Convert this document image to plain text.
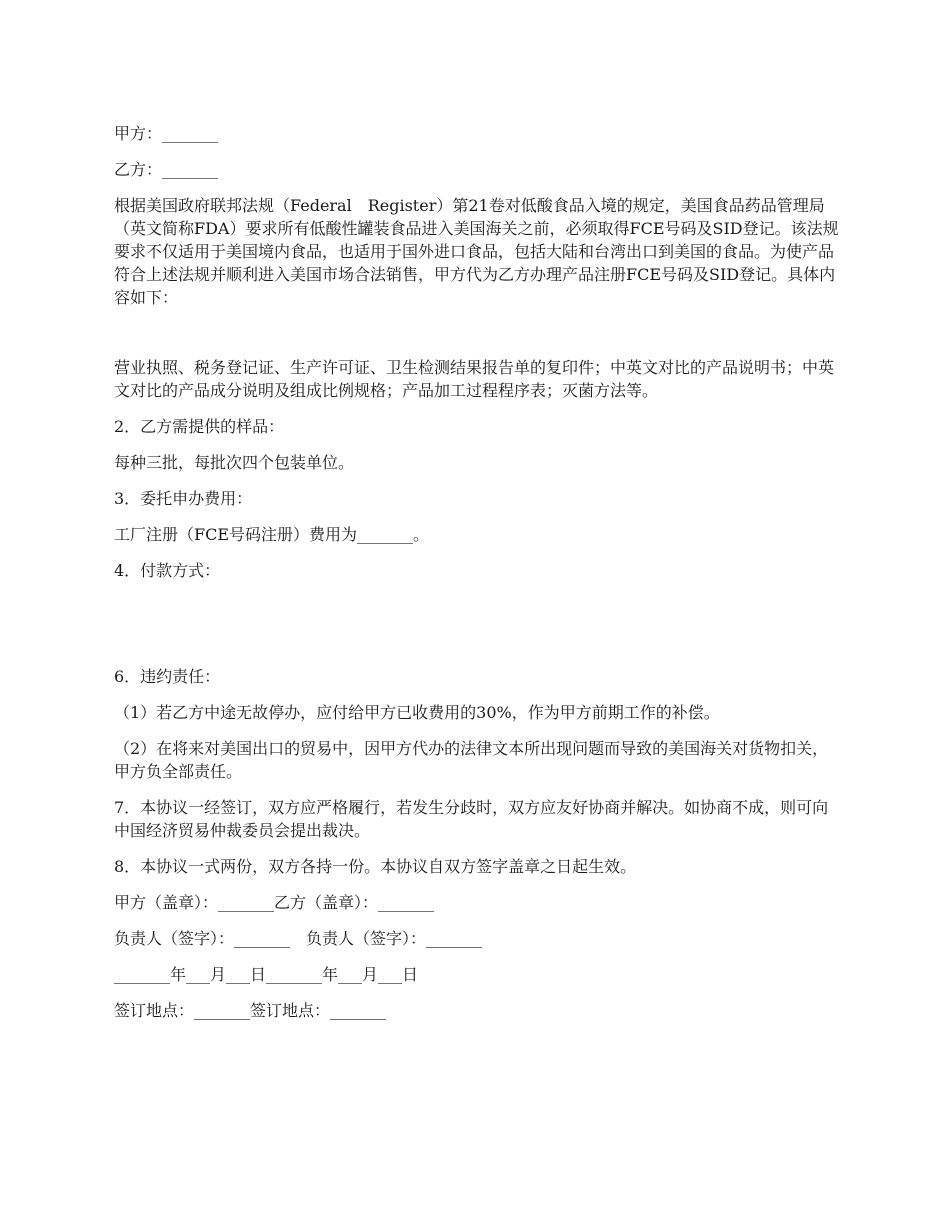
甲方：_______

乙方：_______

根据美国政府联邦法规（Federal　Register）第21卷对低酸食品入境的规定，美国食品药品管理局（英文简称FDA）要求所有低酸性罐装食品进入美国海关之前，必须取得FCE号码及SID登记。该法规要求不仅适用于美国境内食品，也适用于国外进口食品，包括大陆和台湾出口到美国的食品。为使产品符合上述法规并顺利进入美国市场合法销售，甲方代为乙方办理产品注册FCE号码及SID登记。具体内容如下：

营业执照、税务登记证、生产许可证、卫生检测结果报告单的复印件；中英文对比的产品说明书；中英文对比的产品成分说明及组成比例规格；产品加工过程程序表；灭菌方法等。

2．乙方需提供的样品：

每种三批，每批次四个包装单位。

3．委托申办费用：

工厂注册（FCE号码注册）费用为_______。

4．付款方式：

6．违约责任：

（1）若乙方中途无故停办，应付给甲方已收费用的30%，作为甲方前期工作的补偿。

（2）在将来对美国出口的贸易中，因甲方代办的法律文本所出现问题而导致的美国海关对货物扣关，甲方负全部责任。

7．本协议一经签订，双方应严格履行，若发生分歧时，双方应友好协商并解决。如协商不成，则可向中国经济贸易仲裁委员会提出裁决。

8．本协议一式两份，双方各持一份。本协议自双方签字盖章之日起生效。

甲方（盖章）：_______乙方（盖章）：_______

负责人（签字）：_______　负责人（签字）：_______

_______年___月___日_______年___月___日

签订地点：_______签订地点：_______
